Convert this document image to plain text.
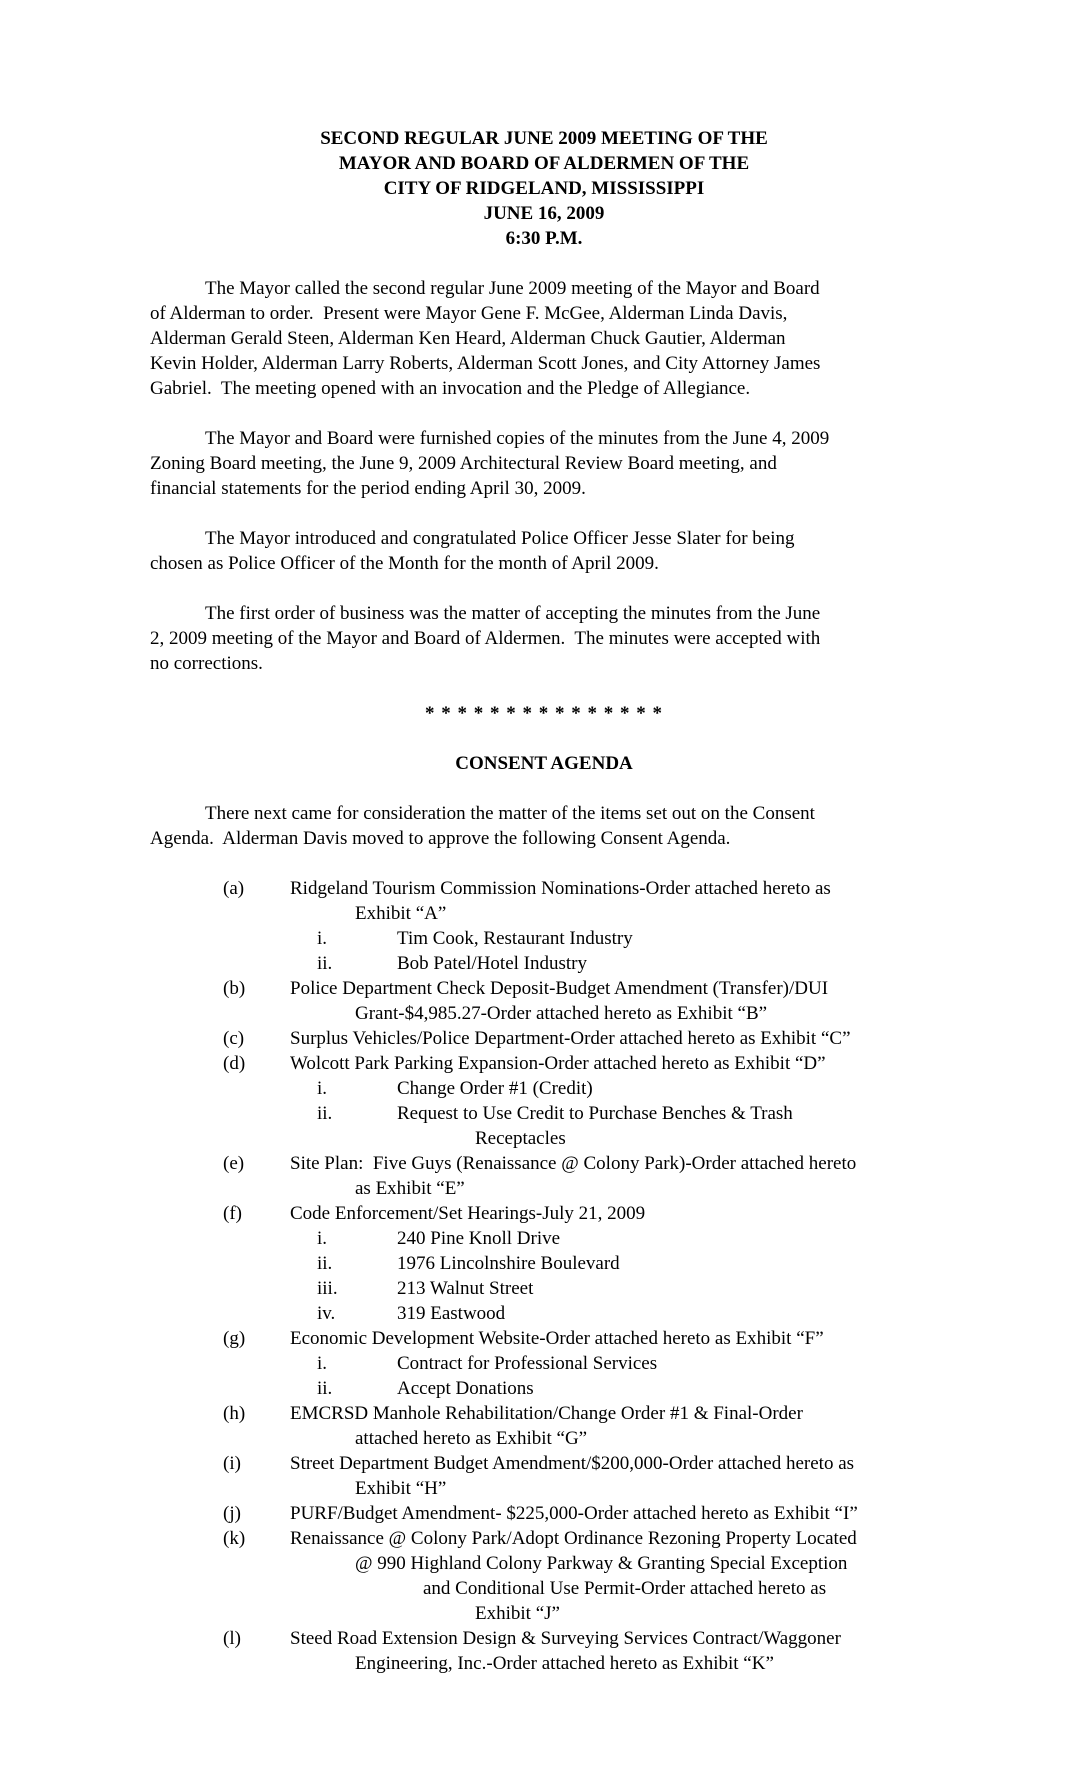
SECOND REGULAR JUNE 2009 MEETING OF THE
MAYOR AND BOARD OF ALDERMEN OF THE
CITY OF RIDGELAND, MISSISSIPPI
JUNE 16, 2009
6:30 P.M.
The Mayor called the second regular June 2009 meeting of the Mayor and Board
of Alderman to order.  Present were Mayor Gene F. McGee, Alderman Linda Davis,
Alderman Gerald Steen, Alderman Ken Heard, Alderman Chuck Gautier, Alderman
Kevin Holder, Alderman Larry Roberts, Alderman Scott Jones, and City Attorney James
Gabriel.  The meeting opened with an invocation and the Pledge of Allegiance.
The Mayor and Board were furnished copies of the minutes from the June 4, 2009
Zoning Board meeting, the June 9, 2009 Architectural Review Board meeting, and
financial statements for the period ending April 30, 2009.
The Mayor introduced and congratulated Police Officer Jesse Slater for being
chosen as Police Officer of the Month for the month of April 2009.
The first order of business was the matter of accepting the minutes from the June
2, 2009 meeting of the Mayor and Board of Aldermen.  The minutes were accepted with
no corrections.
* * * * * * * * * * * * * * *
CONSENT AGENDA
There next came for consideration the matter of the items set out on the Consent
Agenda.  Alderman Davis moved to approve the following Consent Agenda.
(a) Ridgeland Tourism Commission Nominations-Order attached hereto as
Exhibit “A”
i.	Tim Cook, Restaurant Industry
ii.	Bob Patel/Hotel Industry
(b) Police Department Check Deposit-Budget Amendment (Transfer)/DUI
Grant-$4,985.27-Order attached hereto as Exhibit “B”
(c) Surplus Vehicles/Police Department-Order attached hereto as Exhibit “C”
(d) Wolcott Park Parking Expansion-Order attached hereto as Exhibit “D”
i.	Change Order #1 (Credit)
ii.	Request to Use Credit to Purchase Benches & Trash
Receptacles
(e) Site Plan:  Five Guys (Renaissance @ Colony Park)-Order attached hereto
as Exhibit “E”
(f)	Code Enforcement/Set Hearings-July 21, 2009
i.	240 Pine Knoll Drive
ii.	1976 Lincolnshire Boulevard
iii.	213 Walnut Street
iv.	319 Eastwood
(g) Economic Development Website-Order attached hereto as Exhibit “F”
i.	Contract for Professional Services
ii.	Accept Donations
(h) EMCRSD Manhole Rehabilitation/Change Order #1 & Final-Order
attached hereto as Exhibit “G”
(i)	Street Department Budget Amendment/$200,000-Order attached hereto as
Exhibit “H”
(j)	PURF/Budget Amendment- $225,000-Order attached hereto as Exhibit “I”
(k) Renaissance @ Colony Park/Adopt Ordinance Rezoning Property Located
@ 990 Highland Colony Parkway & Granting Special Exception
and Conditional Use Permit-Order attached hereto as
Exhibit “J”
(l)	Steed Road Extension Design & Surveying Services Contract/Waggoner
Engineering, Inc.-Order attached hereto as Exhibit “K”
